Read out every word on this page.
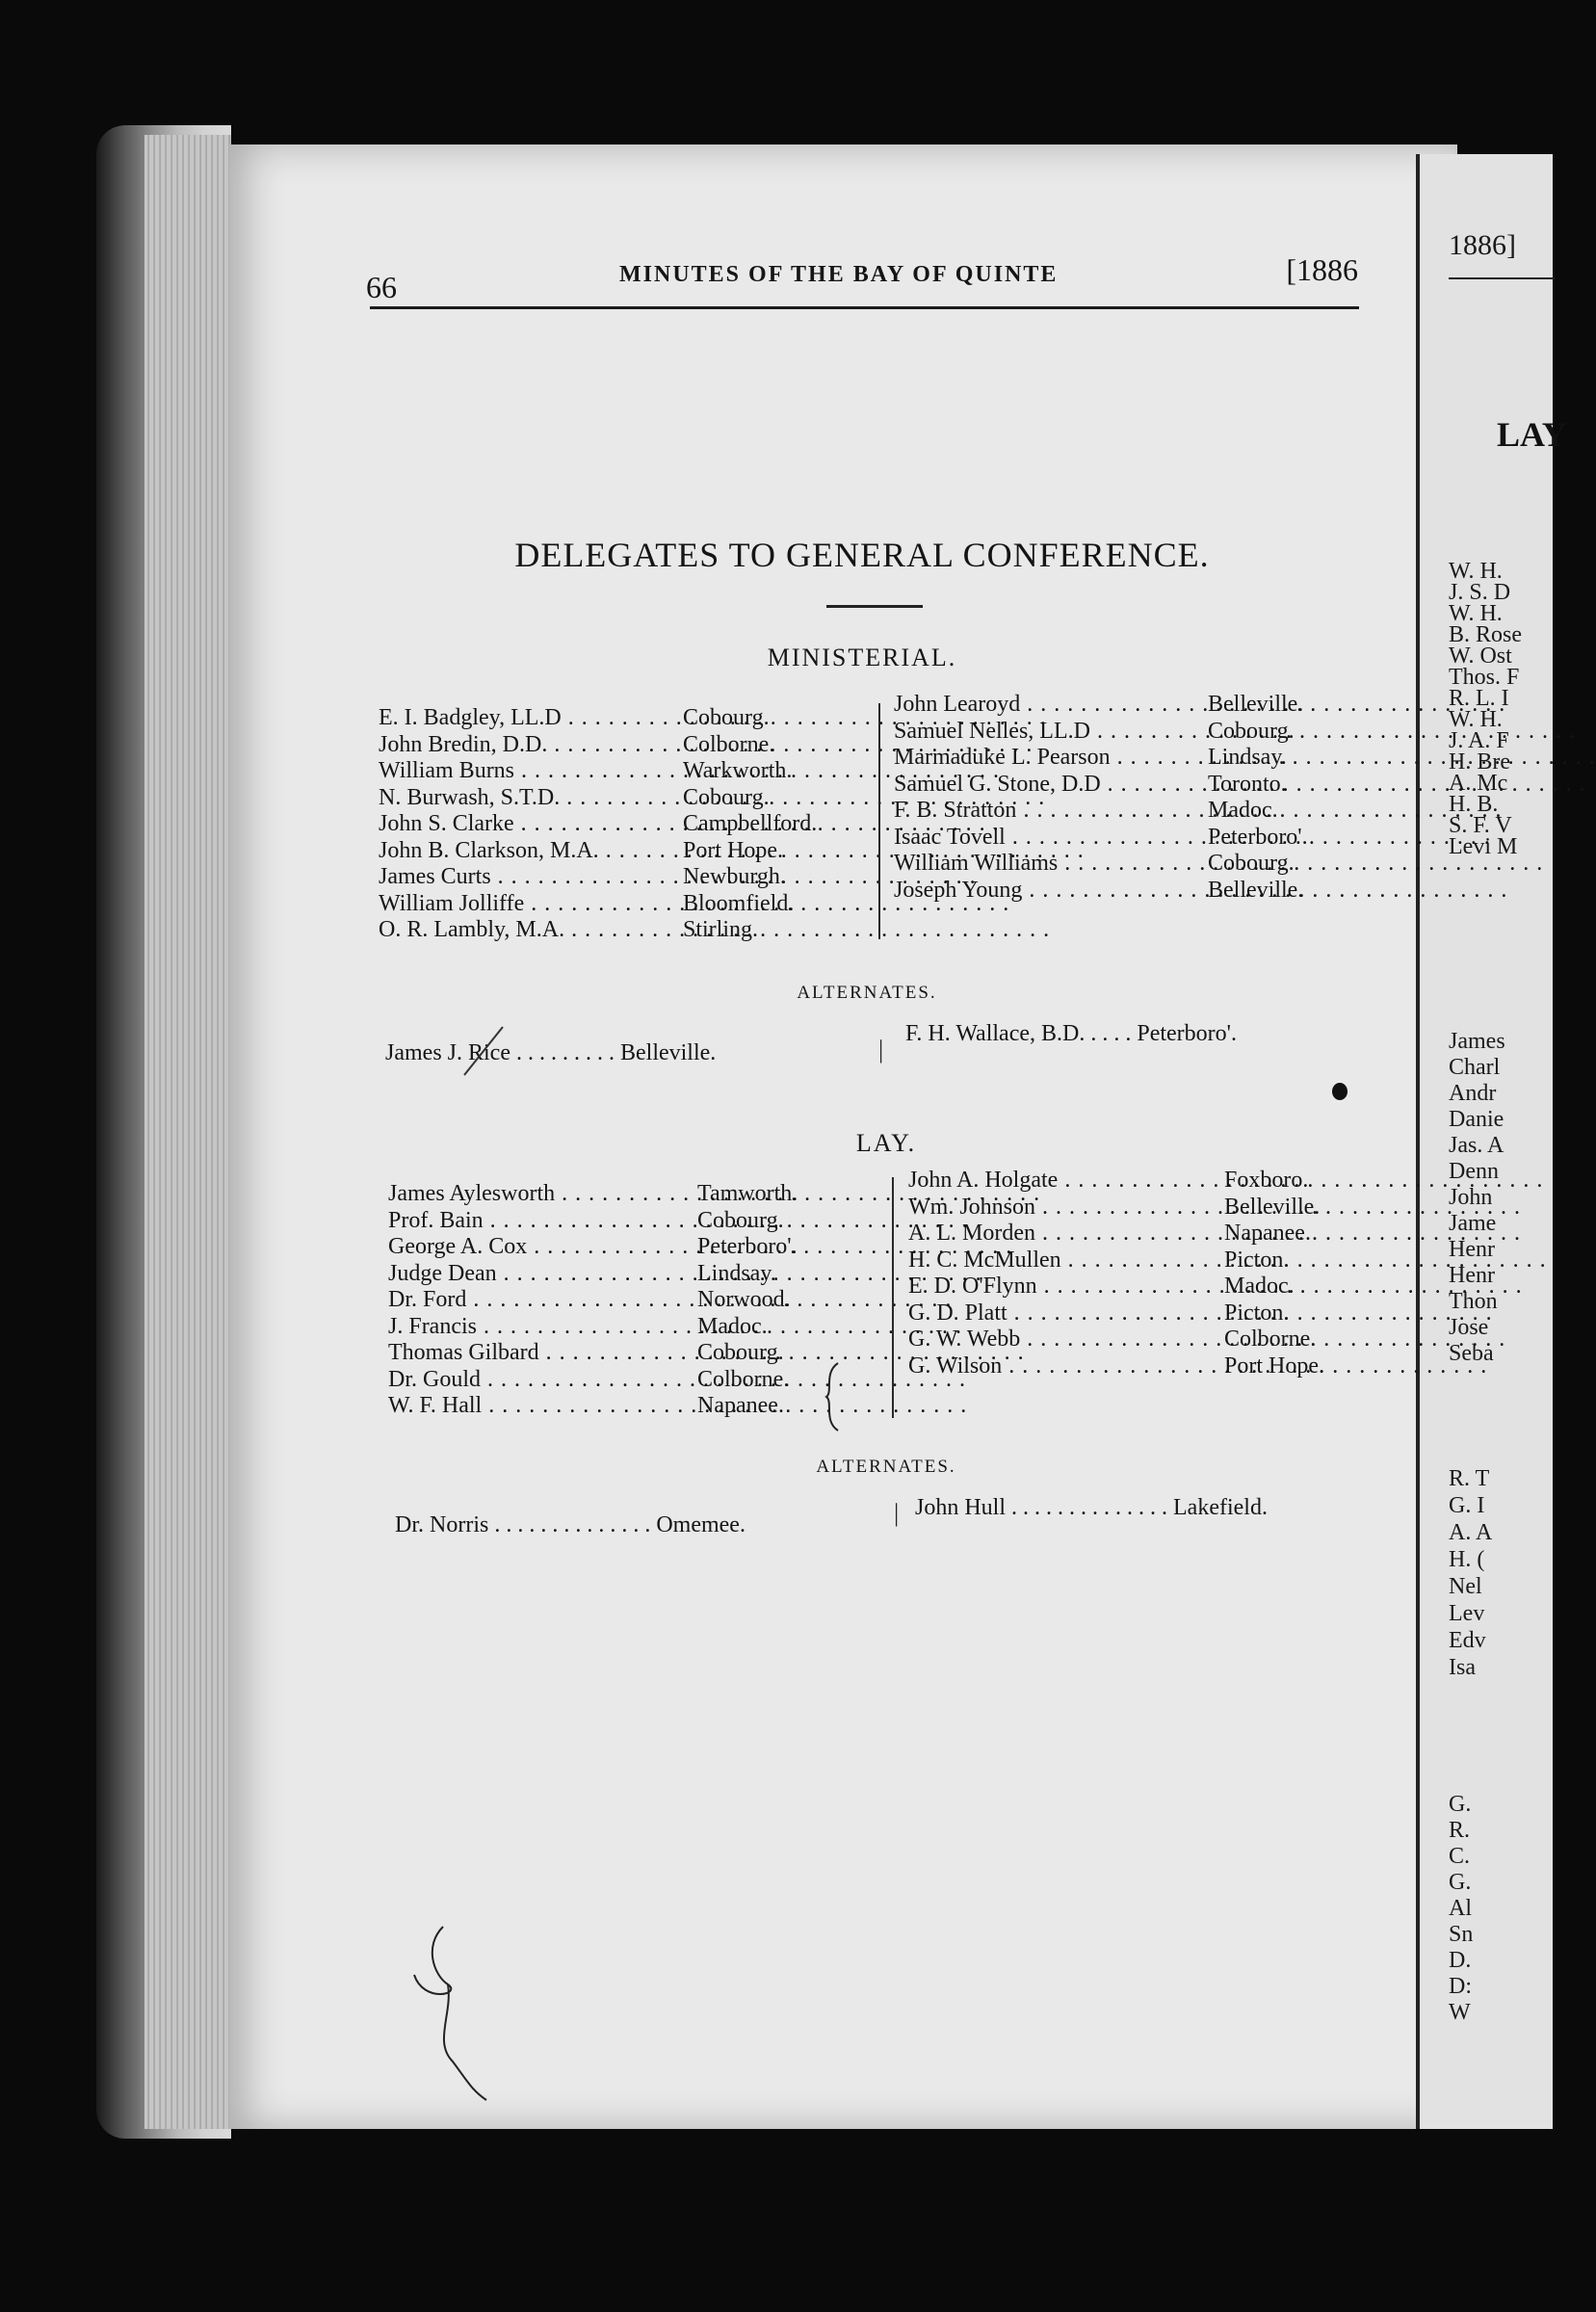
1886]
LAY
W. H.
J. S. D
W. H.
B. Rose
W. Ost
Thos. F
R. L. I
W. H.
J. A. F
H. Bre
A. Mc
H. B.
S. F. V
Levi M
James
Charl
Andr
Danie
Jas. A
Denn
John
Jame
Henr
Henr
Thon
Jose
Seba
R. T
G. I
A. A
H. (
Nel
Lev
Edv
Isa
G.
R.
C.
G.
Al
Sn
D.
D:
W
66	MINUTES OF THE BAY OF QUINTE	[1886
DELEGATES TO GENERAL CONFERENCE.
MINISTERIAL.
E. I. Badgley, LL.D . . .	Cobourg.
John Bredin, D.D. . . .	Colborne.
William Burns . . .	Warkworth.
N. Burwash, S.T.D. . . .	Cobourg.
John S. Clarke . . .	Campbellford.
John B. Clarkson, M.A. . . .	Port Hope.
James Curts . . .	Newburgh.
William Jolliffe . . .	Bloomfield.
O. R. Lambly, M.A. . . .	Stirling.
John Learoyd . . .	Belleville.
Samuel Nelles, LL.D . . .	Cobourg.
Marmaduke L. Pearson . . .	Lindsay.
Samuel G. Stone, D.D . . .	Toronto.
F. B. Stratton . . .	Madoc.
Isaac Tovell . . .	Peterboro'.
William Williams . . .	Cobourg.
Joseph Young . . .	Belleville.
ALTERNATES.
James J. Rice . . . . . . . . . Belleville.	|
F. H. Wallace, B.D. . . . . Peterboro'.
LAY.
James Aylesworth . . .	Tamworth.
Prof. Bain . . .	Cobourg.
George A. Cox . . .	Peterboro'.
Judge Dean . . .	Lindsay.
Dr. Ford . . .	Norwood.
J. Francis . . .	Madoc.
Thomas Gilbard . . .	Cobourg.
Dr. Gould . . .	Colborne.
W. F. Hall . . .	Napanee.
John A. Holgate . . .	Foxboro.
Wm. Johnson . . .	Belleville.
A. L. Morden . . .	Napanee.
H. C. McMullen . . .	Picton.
E. D. O'Flynn . . .	Madoc.
G. D. Platt . . .	Picton.
G. W. Webb . . .	Colborne.
G. Wilson . . .	Port Hope.
ALTERNATES.
Dr. Norris . . . . . . . . . . . . . . Omemee.	| John Hull . . . . . . . . . . . . . . Lakefield.
